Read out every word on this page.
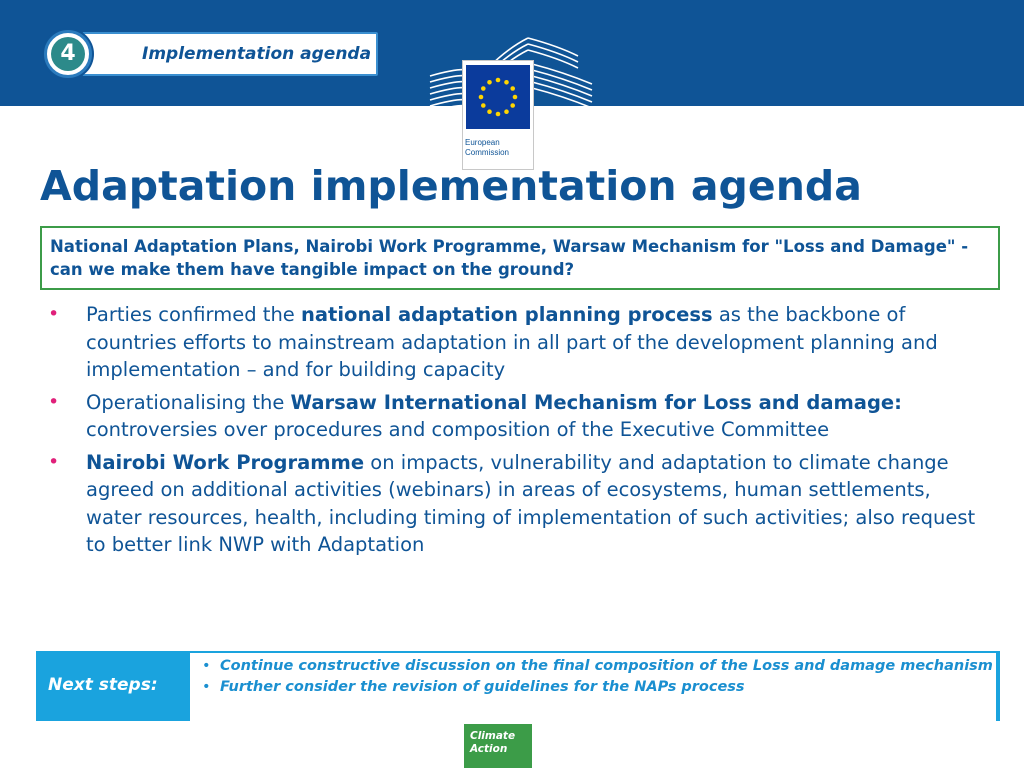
Implementation agenda
4
European
Commission
Adaptation implementation agenda
National Adaptation Plans, Nairobi Work Programme, Warsaw Mechanism for "Loss and Damage" - can we make them have tangible impact on the ground?
• Parties confirmed the national adaptation planning process as the backbone of countries efforts to mainstream adaptation in all part of the development planning and implementation – and for building capacity
• Operationalising the Warsaw International Mechanism for Loss and damage: controversies over procedures and composition of the Executive Committee
• Nairobi Work Programme on impacts, vulnerability and adaptation to climate change agreed on additional activities (webinars) in areas of ecosystems, human settlements, water resources, health, including timing of implementation of such activities; also request to better link NWP with Adaptation
Next steps:
• Continue constructive discussion on the final composition of the Loss and damage mechanism
• Further consider the revision of guidelines for the NAPs process
Climate
Action
